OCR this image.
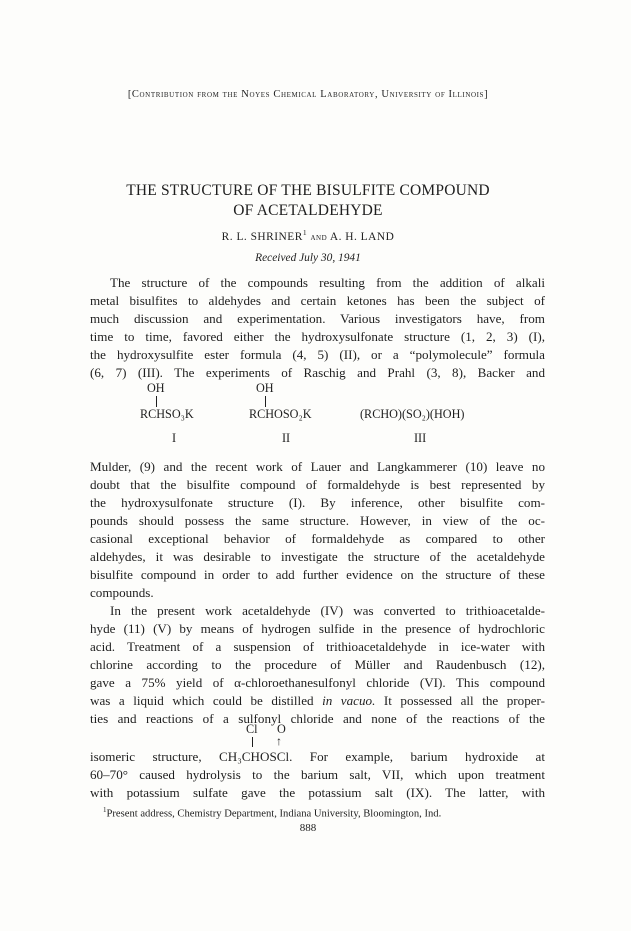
[Contribution from the Noyes Chemical Laboratory, University of Illinois]
THE STRUCTURE OF THE BISULFITE COMPOUND
OF ACETALDEHYDE
R. L. SHRINER$^1$ and A. H. LAND
Received July 30, 1941
The structure of the compounds resulting from the addition of alkali
metal bisulfites to aldehydes and certain ketones has been the subject of
much discussion and experimentation. Various investigators have, from
time to time, favored either the hydroxysulfonate structure (1, 2, 3) (I),
the hydroxysulfite ester formula (4, 5) (II), or a “polymolecule” formula
(6, 7) (III). The experiments of Raschig and Prahl (3, 8), Backer and
OH
RCHSO₃K
I
OH
RCHOSO₂K
II
(RCHO)(SO₂)(HOH)
III
Mulder, (9) and the recent work of Lauer and Langkammerer (10) leave no
doubt that the bisulfite compound of formaldehyde is best represented by
the hydroxysulfonate structure (I). By inference, other bisulfite com-
pounds should possess the same structure. However, in view of the oc-
casional exceptional behavior of formaldehyde as compared to other
aldehydes, it was desirable to investigate the structure of the acetaldehyde
bisulfite compound in order to add further evidence on the structure of these
compounds.
In the present work acetaldehyde (IV) was converted to trithioacetalde-
hyde (11) (V) by means of hydrogen sulfide in the presence of hydrochloric
acid. Treatment of a suspension of trithioacetaldehyde in ice-water with
chlorine according to the procedure of Müller and Raudenbusch (12),
gave a 75% yield of α-chloroethanesulfonyl chloride (VI). This compound
was a liquid which could be distilled in vacuo. It possessed all the proper-
ties and reactions of a sulfonyl chloride and none of the reactions of the
Cl O
↑
isomeric structure, CH₃CHOSCl. For example, barium hydroxide at
60–70° caused hydrolysis to the barium salt, VII, which upon treatment
with potassium sulfate gave the potassium salt (IX). The latter, with
$^1$Present address, Chemistry Department, Indiana University, Bloomington, Ind.
888
